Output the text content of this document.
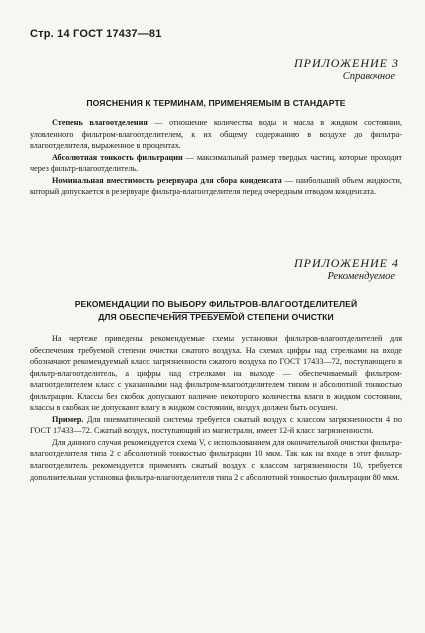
Стр. 14 ГОСТ 17437—81
ПРИЛОЖЕНИЕ 3
Справочное
ПОЯСНЕНИЯ К ТЕРМИНАМ, ПРИМЕНЯЕМЫМ В СТАНДАРТЕ

Степень влагоотделения — отношение количества воды и масла в жидком состоянии, уловленного фильтром-влагоотделителем, к их общему содержанию в воздухе до фильтра-влагоотделителя, выраженное в процентах.

Абсолютная тонкость фильтрации — максимальный размер твердых частиц, которые проходят через фильтр-влагоотделитель.

Номинальная вместимость резервуара для сбора конденсата — наибольший объем жидкости, который допускается в резервуаре фильтра-влагоотделителя перед очередным отводом конденсата.

ПРИЛОЖЕНИЕ 4
Рекомендуемое
РЕКОМЕНДАЦИИ ПО ВЫБОРУ ФИЛЬТРОВ-ВЛАГООТДЕЛИТЕЛЕЙ
ДЛЯ ОБЕСПЕЧЕНИЯ ТРЕБУЕМОЙ СТЕПЕНИ ОЧИСТКИ

На чертеже приведены рекомендуемые схемы установки фильтров-влагоотделителей для обеспечения требуемой степени очистки сжатого воздуха. На схемах цифры над стрелками на входе обозначают рекомендуемый класс загрязненности сжатого воздуха по ГОСТ 17433—72, поступающего в фильтр-влагоотделитель, а цифры над стрелками на выходе — обеспечиваемый фильтром-влагоотделителем класс с указанными над фильтром-влагоотделителем типом и абсолютной тонкостью фильтрации. Классы без скобок допускают наличие некоторого количества влаги в жидком состоянии, классы в скобках не допускают влагу в жидком состоянии, воздух должен быть осушен.

Пример. Для пневматической системы требуется сжатый воздух с классом загрязненности 4 по ГОСТ 17433—72. Сжатый воздух, поступающий из магистрали, имеет 12-й класс загрязненности.

Для данного случая рекомендуется схема V, с использованием для окончательной очистки фильтра-влагоотделителя типа 2 с абсолютной тонкостью фильтрации 10 мкм. Так как на входе в этот фильтр-влагоотделитель рекомендуется применять сжатый воздух с классом загрязненности 10, требуется дополнительная установка фильтра-влагоотделителя типа 2 с абсолютной тонкостью фильтрации 80 мкм.
